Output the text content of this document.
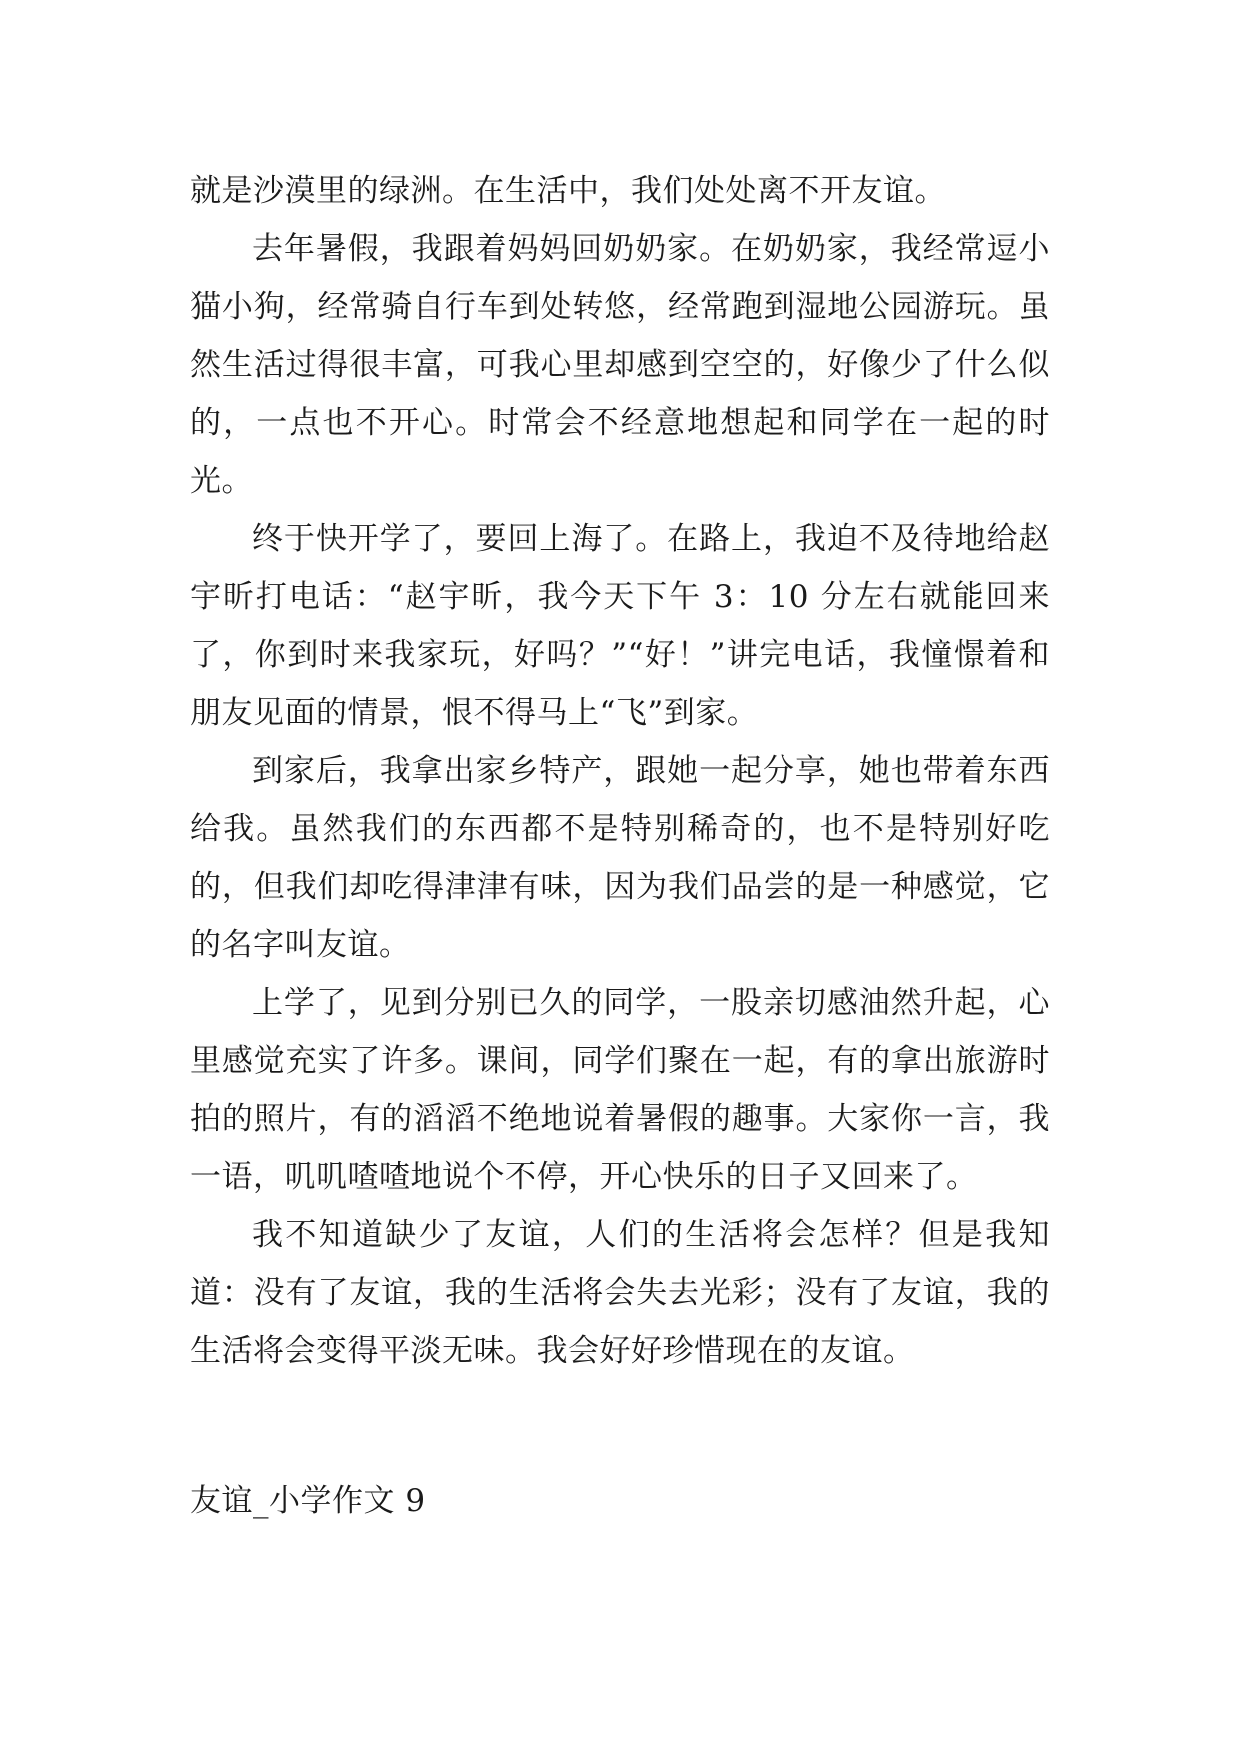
就是沙漠里的绿洲。在生活中，我们处处离不开友谊。

去年暑假，我跟着妈妈回奶奶家。在奶奶家，我经常逗小猫小狗，经常骑自行车到处转悠，经常跑到湿地公园游玩。虽然生活过得很丰富，可我心里却感到空空的，好像少了什么似的，一点也不开心。时常会不经意地想起和同学在一起的时光。

终于快开学了，要回上海了。在路上，我迫不及待地给赵宇昕打电话：“赵宇昕，我今天下午 3：10 分左右就能回来了，你到时来我家玩，好吗？”“好！”讲完电话，我憧憬着和朋友见面的情景，恨不得马上“飞”到家。

到家后，我拿出家乡特产，跟她一起分享，她也带着东西给我。虽然我们的东西都不是特别稀奇的，也不是特别好吃的，但我们却吃得津津有味，因为我们品尝的是一种感觉，它的名字叫友谊。

上学了，见到分别已久的同学，一股亲切感油然升起，心里感觉充实了许多。课间，同学们聚在一起，有的拿出旅游时拍的照片，有的滔滔不绝地说着暑假的趣事。大家你一言，我一语，叽叽喳喳地说个不停，开心快乐的日子又回来了。

我不知道缺少了友谊，人们的生活将会怎样？但是我知道：没有了友谊，我的生活将会失去光彩；没有了友谊，我的生活将会变得平淡无味。我会好好珍惜现在的友谊。

友谊_小学作文 9
